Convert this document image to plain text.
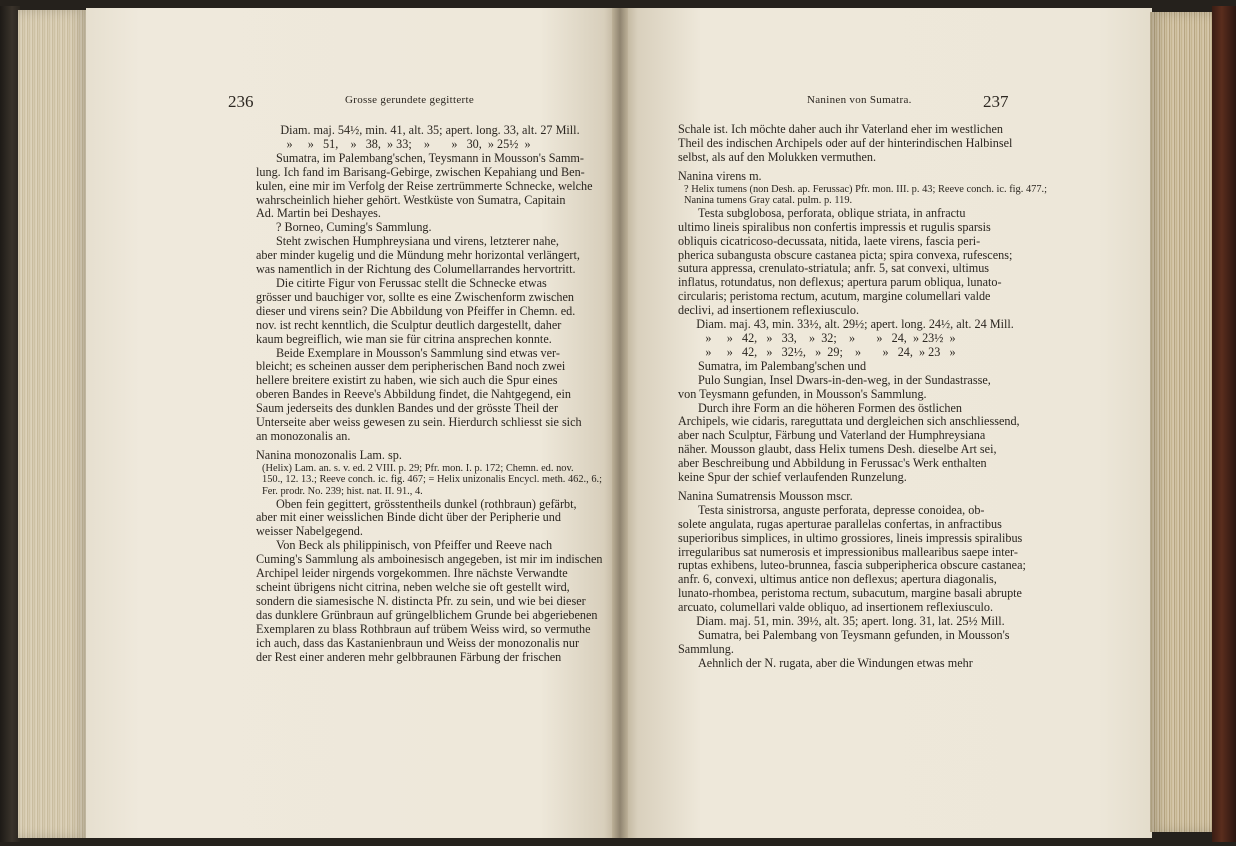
236	Grosse gerundete gegitterte

Diam. maj. 54½, min. 41, alt. 35; apert. long. 33, alt. 27 Mill.

»     »   51,    »   38,  » 33;    »       »   30,  » 25½  »

Sumatra, im Palembang'schen, Teysmann in Mousson's Samm-

lung. Ich fand im Barisang-Gebirge, zwischen Kepahiang und Ben-

kulen, eine mir im Verfolg der Reise zertrümmerte Schnecke, welche

wahrscheinlich hieher gehört. Westküste von Sumatra, Capitain

Ad. Martin bei Deshayes.

? Borneo, Cuming's Sammlung.

Steht zwischen Humphreysiana und virens, letzterer nahe,

aber minder kugelig und die Mündung mehr horizontal verlängert,

was namentlich in der Richtung des Columellarrandes hervortritt.

Die citirte Figur von Ferussac stellt die Schnecke etwas

grösser und bauchiger vor, sollte es eine Zwischenform zwischen

dieser und virens sein? Die Abbildung von Pfeiffer in Chemn. ed.

nov. ist recht kenntlich, die Sculptur deutlich dargestellt, daher

kaum begreiflich, wie man sie für citrina ansprechen konnte.

Beide Exemplare in Mousson's Sammlung sind etwas ver-

bleicht; es scheinen ausser dem peripherischen Band noch zwei

hellere breitere existirt zu haben, wie sich auch die Spur eines

oberen Bandes in Reeve's Abbildung findet, die Nahtgegend, ein

Saum jederseits des dunklen Bandes und der grösste Theil der

Unterseite aber weiss gewesen zu sein. Hierdurch schliesst sie sich

an monozonalis an.

Nanina monozonalis Lam. sp.

(Helix) Lam. an. s. v. ed. 2 VIII. p. 29; Pfr. mon. I. p. 172; Chemn. ed. nov.

150., 12. 13.; Reeve conch. ic. fig. 467; = Helix unizonalis Encycl. meth. 462., 6.;

Fer. prodr. No. 239; hist. nat. II. 91., 4.

Oben fein gegittert, grösstentheils dunkel (rothbraun) gefärbt,

aber mit einer weisslichen Binde dicht über der Peripherie und

weisser Nabelgegend.

Von Beck als philippinisch, von Pfeiffer und Reeve nach

Cuming's Sammlung als amboinesisch angegeben, ist mir im indischen

Archipel leider nirgends vorgekommen. Ihre nächste Verwandte

scheint übrigens nicht citrina, neben welche sie oft gestellt wird,

sondern die siamesische N. distincta Pfr. zu sein, und wie bei dieser

das dunklere Grünbraun auf grüngelblichem Grunde bei abgeriebenen

Exemplaren zu blass Rothbraun auf trübem Weiss wird, so vermuthe

ich auch, dass das Kastanienbraun und Weiss der monozonalis nur

der Rest einer anderen mehr gelbbraunen Färbung der frischen

Naninen von Sumatra.	237

Schale ist. Ich möchte daher auch ihr Vaterland eher im westlichen

Theil des indischen Archipels oder auf der hinterindischen Halbinsel

selbst, als auf den Molukken vermuthen.

Nanina virens m.

? Helix tumens (non Desh. ap. Ferussac) Pfr. mon. III. p. 43; Reeve conch. ic. fig. 477.;

Nanina tumens Gray catal. pulm. p. 119.

Testa subglobosa, perforata, oblique striata, in anfractu

ultimo lineis spiralibus non confertis impressis et rugulis sparsis

obliquis cicatricoso-decussata, nitida, laete virens, fascia peri-

pherica subangusta obscure castanea picta; spira convexa, rufescens;

sutura appressa, crenulato-striatula; anfr. 5, sat convexi, ultimus

inflatus, rotundatus, non deflexus; apertura parum obliqua, lunato-

circularis; peristoma rectum, acutum, margine columellari valde

declivi, ad insertionem reflexiusculo.

Diam. maj. 43, min. 33½, alt. 29½; apert. long. 24½, alt. 24 Mill.

»     »   42,   »   33,    »  32;    »       »   24,  » 23½  »

»     »   42,   »   32½,   »  29;    »       »   24,  » 23   »

Sumatra, im Palembang'schen und

Pulo Sungian, Insel Dwars-in-den-weg, in der Sundastrasse,

von Teysmann gefunden, in Mousson's Sammlung.

Durch ihre Form an die höheren Formen des östlichen

Archipels, wie cidaris, rareguttata und dergleichen sich anschliessend,

aber nach Sculptur, Färbung und Vaterland der Humphreysiana

näher. Mousson glaubt, dass Helix tumens Desh. dieselbe Art sei,

aber Beschreibung und Abbildung in Ferussac's Werk enthalten

keine Spur der schief verlaufenden Runzelung.

Nanina Sumatrensis Mousson mscr.

Testa sinistrorsa, anguste perforata, depresse conoidea, ob-

solete angulata, rugas aperturae parallelas confertas, in anfractibus

superioribus simplices, in ultimo grossiores, lineis impressis spiralibus

irregularibus sat numerosis et impressionibus mallearibus saepe inter-

ruptas exhibens, luteo-brunnea, fascia subperipherica obscure castanea;

anfr. 6, convexi, ultimus antice non deflexus; apertura diagonalis,

lunato-rhombea, peristoma rectum, subacutum, margine basali abrupte

arcuato, columellari valde obliquo, ad insertionem reflexiusculo.

Diam. maj. 51, min. 39½, alt. 35; apert. long. 31, lat. 25½ Mill.

Sumatra, bei Palembang von Teysmann gefunden, in Mousson's

Sammlung.

Aehnlich der N. rugata, aber die Windungen etwas mehr
